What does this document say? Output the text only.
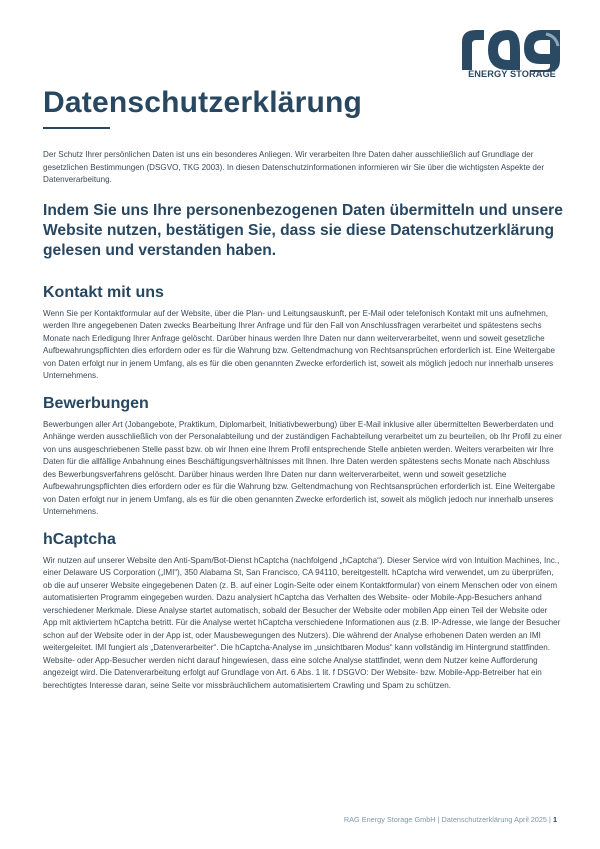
ENERGY STORAGE
Datenschutzerklärung

Der Schutz Ihrer persönlichen Daten ist uns ein besonderes Anliegen. Wir verarbeiten Ihre Daten daher ausschließlich auf Grundlage der gesetzlichen Bestimmungen (DSGVO, TKG 2003). In diesen Datenschutzinformationen informieren wir Sie über die wichtigsten Aspekte der Datenverarbeitung.

Indem Sie uns Ihre personenbezogenen Daten übermitteln und unsere Website nutzen, bestätigen Sie, dass sie diese Datenschutzerklärung gelesen und verstanden haben.
Kontakt mit uns

Wenn Sie per Kontaktformular auf der Website, über die Plan- und Leitungsauskunft, per E-Mail oder telefonisch Kontakt mit uns aufnehmen, werden Ihre angegebenen Daten zwecks Bearbeitung Ihrer Anfrage und für den Fall von Anschlussfragen verarbeitet und spätestens sechs Monate nach Erledigung Ihrer Anfrage gelöscht. Darüber hinaus werden Ihre Daten nur dann weiterverarbeitet, wenn und soweit gesetzliche Aufbewahrungspflichten dies erfordern oder es für die Wahrung bzw. Geltendmachung von Rechtsansprüchen erforderlich ist. Eine Weitergabe von Daten erfolgt nur in jenem Umfang, als es für die oben genannten Zwecke erforderlich ist, soweit als möglich jedoch nur innerhalb unseres Unternehmens.

Bewerbungen

Bewerbungen aller Art (Jobangebote, Praktikum, Diplomarbeit, Initiativbewerbung) über E-Mail inklusive aller übermittelten Bewerberdaten und Anhänge werden ausschließlich von der Personalabteilung und der zuständigen Fachabteilung verarbeitet um zu beurteilen, ob Ihr Profil zu einer von uns ausgeschriebenen Stelle passt bzw. ob wir Ihnen eine Ihrem Profil entsprechende Stelle anbieten werden. Weiters verarbeiten wir Ihre Daten für die allfällige Anbahnung eines Beschäftigungsverhältnisses mit Ihnen. Ihre Daten werden spätestens sechs Monate nach Abschluss des Bewerbungsverfahrens gelöscht. Darüber hinaus werden Ihre Daten nur dann weiterverarbeitet, wenn und soweit gesetzliche Aufbewahrungspflichten dies erfordern oder es für die Wahrung bzw. Geltendmachung von Rechtsansprüchen erforderlich ist. Eine Weitergabe von Daten erfolgt nur in jenem Umfang, als es für die oben genannten Zwecke erforderlich ist, soweit als möglich jedoch nur innerhalb unseres Unternehmens.

hCaptcha

Wir nutzen auf unserer Website den Anti-Spam/Bot-Dienst hCaptcha (nachfolgend „hCaptcha“). Dieser Service wird von Intuition Machines, Inc., einer Delaware US Corporation („IMI“), 350 Alabama St, San Francisco, CA 94110, bereitgestellt. hCaptcha wird verwendet, um zu überprüfen, ob die auf unserer Website eingegebenen Daten (z. B. auf einer Login-Seite oder einem Kontaktformular) von einem Menschen oder von einem automatisierten Programm eingegeben wurden. Dazu analysiert hCaptcha das Verhalten des Website- oder Mobile-App-Besuchers anhand verschiedener Merkmale. Diese Analyse startet automatisch, sobald der Besucher der Website oder mobilen App einen Teil der Website oder App mit aktiviertem hCaptcha betritt. Für die Analyse wertet hCaptcha verschiedene Informationen aus (z.B. IP-Adresse, wie lange der Besucher schon auf der Website oder in der App ist, oder Mausbewegungen des Nutzers). Die während der Analyse erhobenen Daten werden an IMI weitergeleitet. IMI fungiert als „Datenverarbeiter“. Die hCaptcha-Analyse im „unsichtbaren Modus“ kann vollständig im Hintergrund stattfinden. Website- oder App-Besucher werden nicht darauf hingewiesen, dass eine solche Analyse stattfindet, wenn dem Nutzer keine Aufforderung angezeigt wird. Die Datenverarbeitung erfolgt auf Grundlage von Art. 6 Abs. 1 lit. f DSGVO: Der Website- bzw. Mobile-App-Betreiber hat ein berechtigtes Interesse daran, seine Seite vor missbräuchlichem automatisiertem Crawling und Spam zu schützen.

RAG Energy Storage GmbH | Datenschutzerklärung April 2025 | 1
